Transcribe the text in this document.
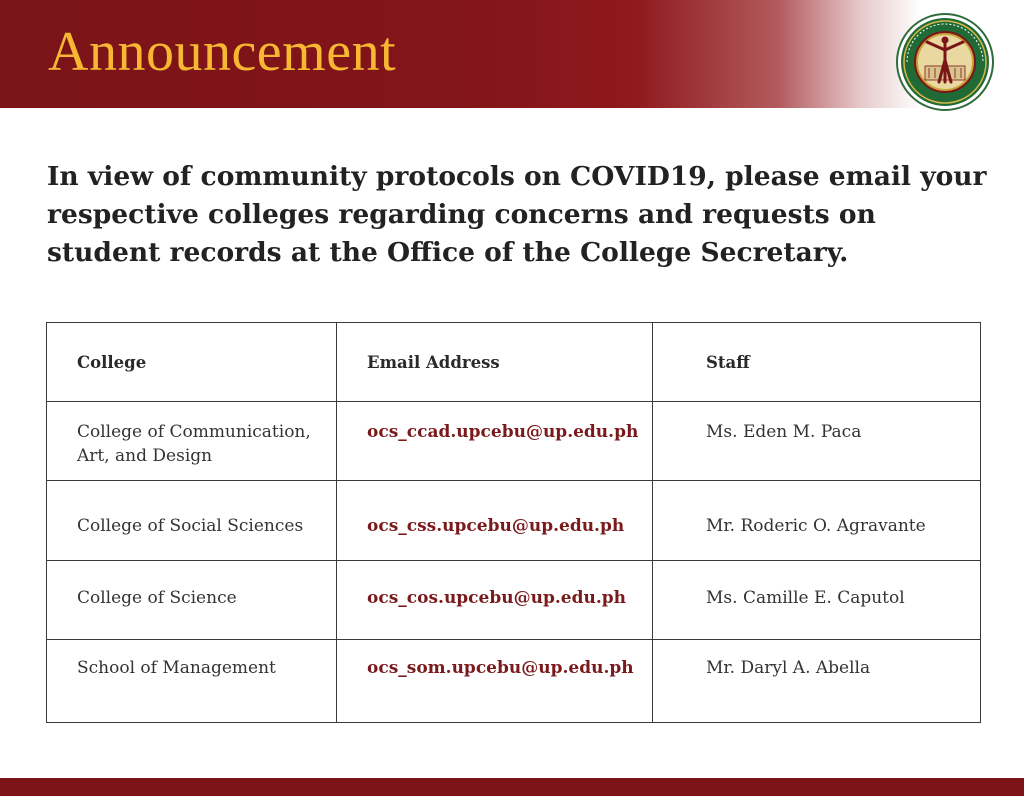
Announcement
In view of community protocols on COVID19, please email your respective colleges regarding concerns and requests on student records at the Office of the College Secretary.
College	Email Address	Staff
College of Communication, Art, and Design	ocs_ccad.upcebu@up.edu.ph	Ms. Eden M. Paca
College of Social Sciences	ocs_css.upcebu@up.edu.ph	Mr. Roderic O. Agravante
College of Science	ocs_cos.upcebu@up.edu.ph	Ms. Camille E. Caputol
School of Management	ocs_som.upcebu@up.edu.ph	Mr. Daryl A. Abella
